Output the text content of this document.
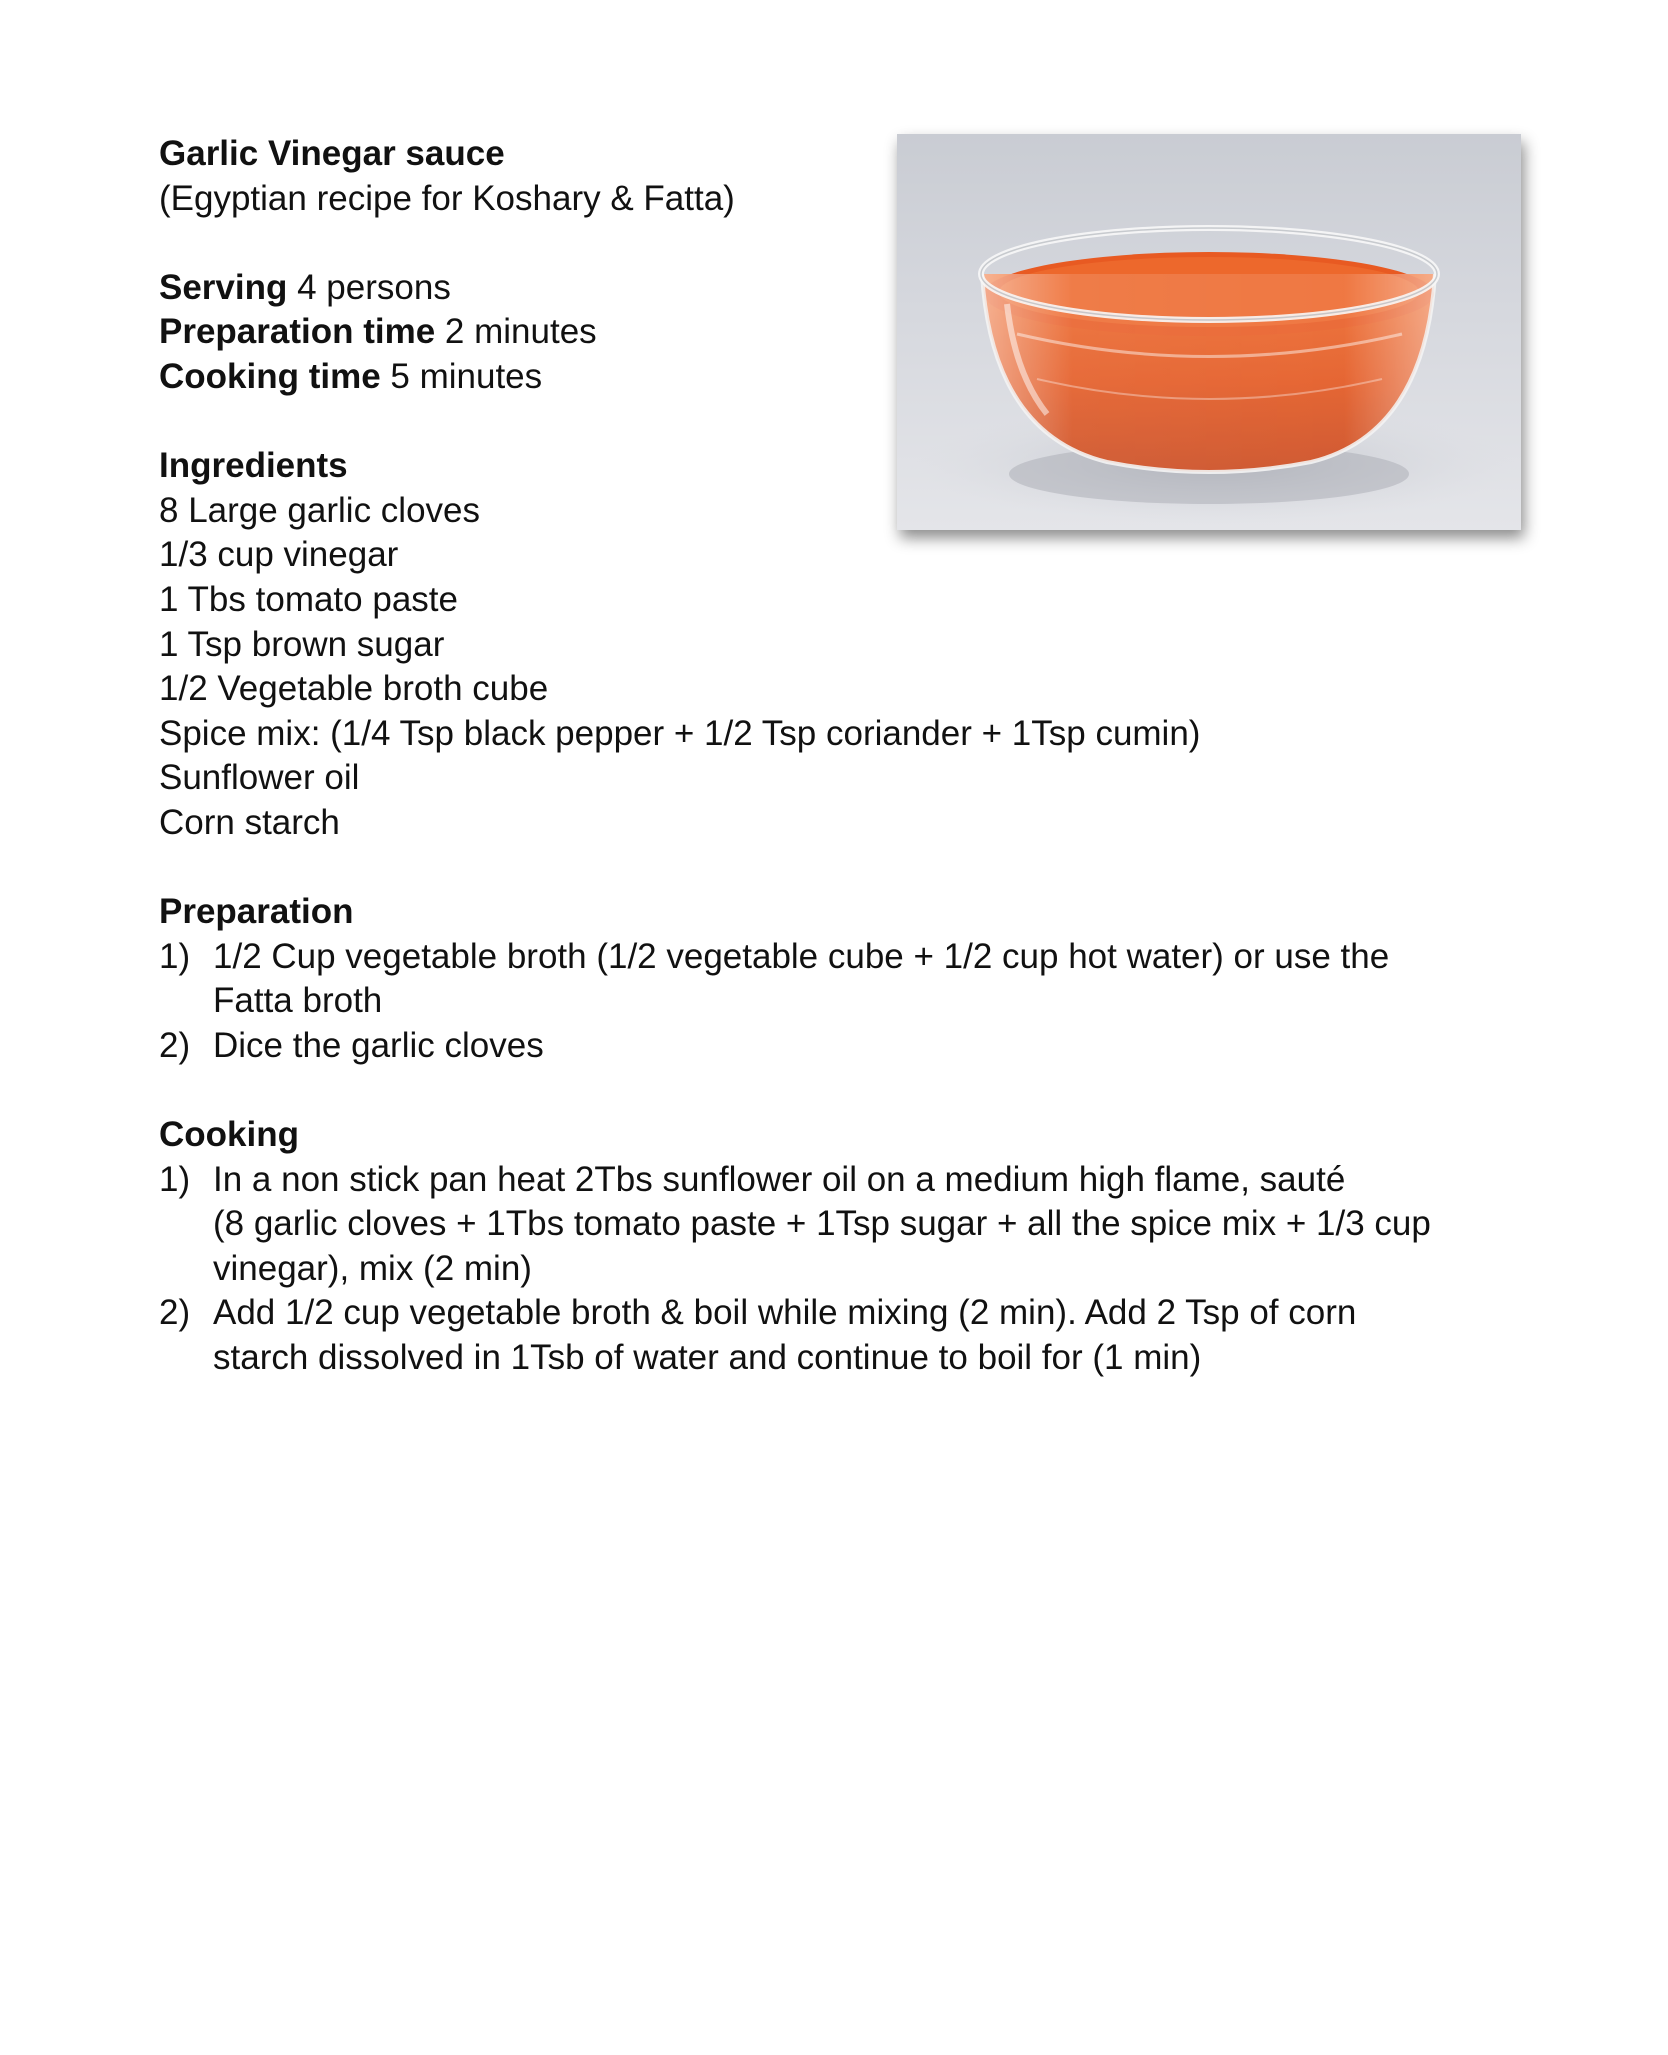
Garlic Vinegar sauce
(Egyptian recipe for Koshary & Fatta)
Serving 4 persons
Preparation time 2 minutes
Cooking time 5 minutes
Ingredients
8 Large garlic cloves
1/3 cup vinegar
1 Tbs tomato paste
1 Tsp brown sugar
1/2 Vegetable broth cube
Spice mix: (1/4 Tsp black pepper + 1/2 Tsp coriander + 1Tsp cumin)
Sunflower oil
Corn starch
Preparation
1) 1/2 Cup vegetable broth (1/2 vegetable cube + 1/2 cup hot water) or use the
Fatta broth
2) Dice the garlic cloves
Cooking
1) In a non stick pan heat 2Tbs sunflower oil on a medium high flame, sauté
(8 garlic cloves + 1Tbs tomato paste + 1Tsp sugar + all the spice mix + 1/3 cup
vinegar), mix (2 min)
2) Add 1/2 cup vegetable broth & boil while mixing (2 min). Add 2 Tsp of corn
starch dissolved in 1Tsb of water and continue to boil for (1 min)
